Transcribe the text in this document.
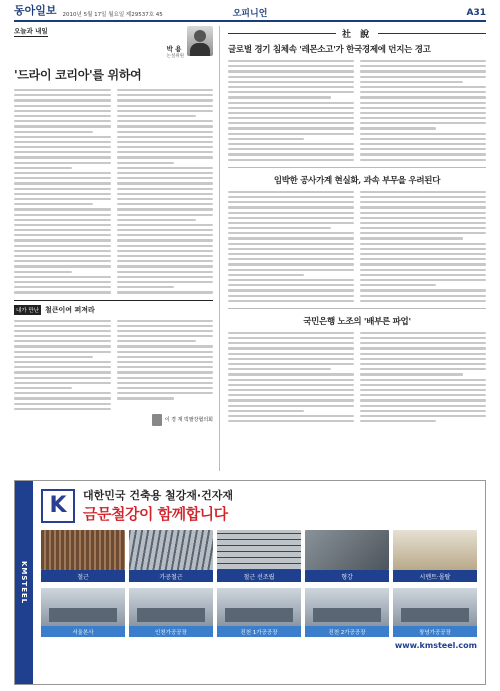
동아일보 2010년 5월 17일 월요일 제29537호 45	오피니언	A31
오늘과 내일
박 용
논설위원
'드라이 코리아'를 위하여
내가 만난 철큰이여 퍼져라
이 경 재 빅팔강협의회
社 說
글로벌 경기 침체속 '레몬소고'가 한국경제에 던지는 경고
임박한 공사가계 현실화, 과속 부무을 우려된다
국민은행 노조의 '배부른 파업'
KMSTEEL
K	대한민국 건축용 철강재·건자재
금문철강이 함께합니다
철근	가공철근	철근 선조립	형강	시멘트·몰탈
서울본사	인천가공공장	진천 1가공공장	진천 2가공공장	창녕가공공장
www.kmsteel.com
